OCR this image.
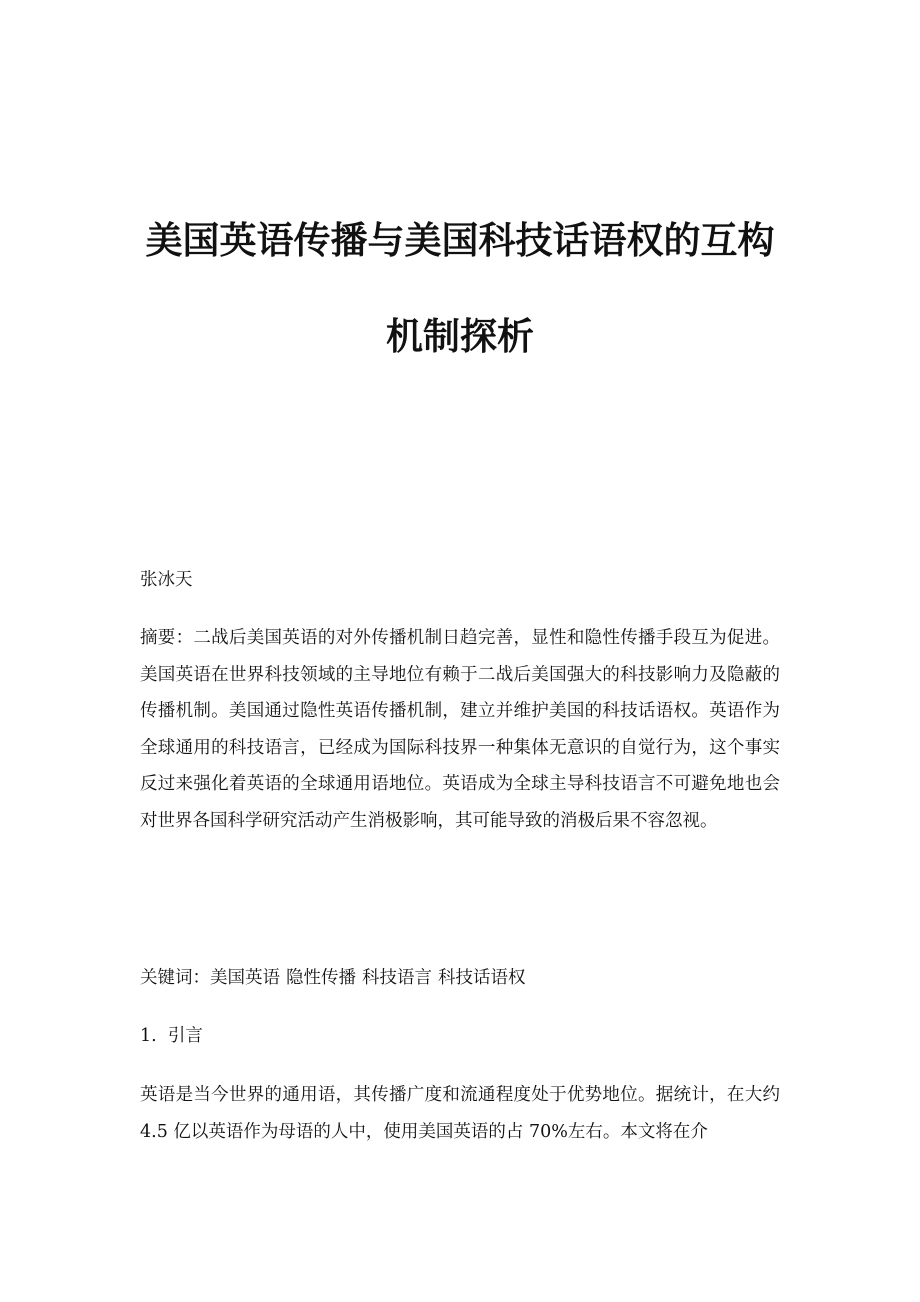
美国英语传播与美国科技话语权的互构
机制探析

张冰天

摘要：二战后美国英语的对外传播机制日趋完善，显性和隐性传播手段互为促进。美国英语在世界科技领域的主导地位有赖于二战后美国强大的科技影响力及隐蔽的传播机制。美国通过隐性英语传播机制，建立并维护美国的科技话语权。英语作为全球通用的科技语言，已经成为国际科技界一种集体无意识的自觉行为，这个事实反过来强化着英语的全球通用语地位。英语成为全球主导科技语言不可避免地也会对世界各国科学研究活动产生消极影响，其可能导致的消极后果不容忽视。

关键词：美国英语 隐性传播 科技语言 科技话语权

1. 引言

英语是当今世界的通用语，其传播广度和流通程度处于优势地位。据统计，在大约 4.5 亿以英语作为母语的人中，使用美国英语的占 70%左右。本文将在介
